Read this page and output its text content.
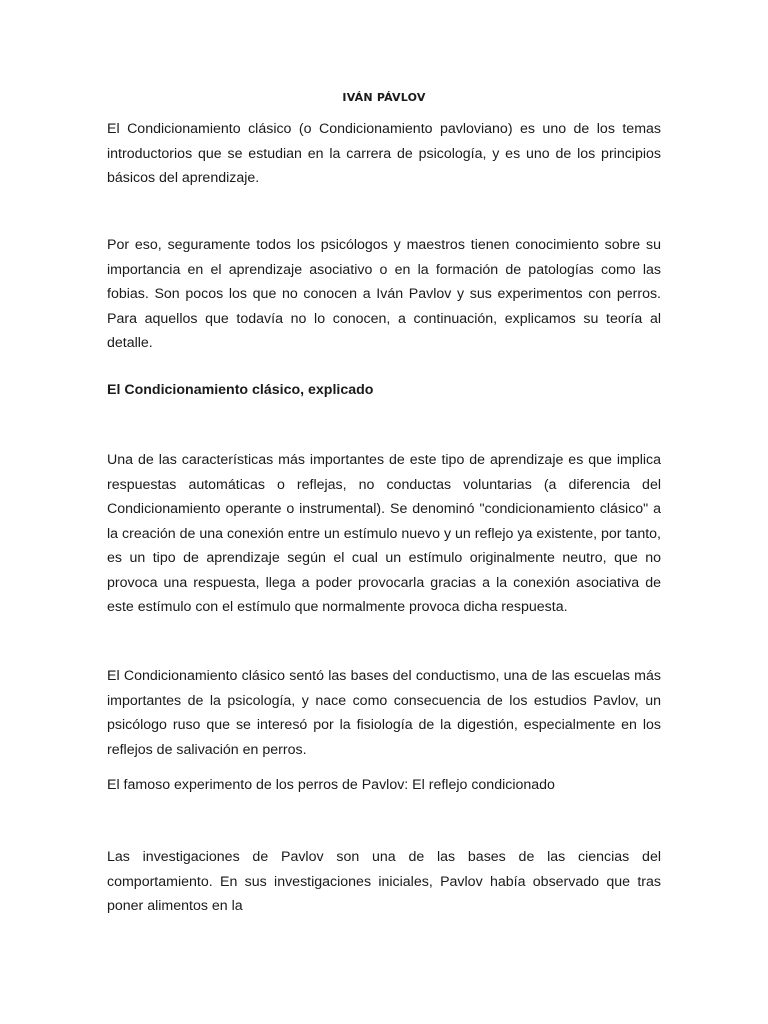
IVÁN PÁVLOV

El Condicionamiento clásico (o Condicionamiento pavloviano) es uno de los temas introductorios que se estudian en la carrera de psicología, y es uno de los principios básicos del aprendizaje.

Por eso, seguramente todos los psicólogos y maestros tienen conocimiento sobre su importancia en el aprendizaje asociativo o en la formación de patologías como las fobias. Son pocos los que no conocen a Iván Pavlov y sus experimentos con perros. Para aquellos que todavía no lo conocen, a continuación, explicamos su teoría al detalle.

El Condicionamiento clásico, explicado

Una de las características más importantes de este tipo de aprendizaje es que implica respuestas automáticas o reflejas, no conductas voluntarias (a diferencia del Condicionamiento operante o instrumental). Se denominó "condicionamiento clásico" a la creación de una conexión entre un estímulo nuevo y un reflejo ya existente, por tanto, es un tipo de aprendizaje según el cual un estímulo originalmente neutro, que no provoca una respuesta, llega a poder provocarla gracias a la conexión asociativa de este estímulo con el estímulo que normalmente provoca dicha respuesta.

El Condicionamiento clásico sentó las bases del conductismo, una de las escuelas más importantes de la psicología, y nace como consecuencia de los estudios Pavlov, un psicólogo ruso que se interesó por la fisiología de la digestión, especialmente en los reflejos de salivación en perros.

El famoso experimento de los perros de Pavlov: El reflejo condicionado

Las investigaciones de Pavlov son una de las bases de las ciencias del comportamiento. En sus investigaciones iniciales, Pavlov había observado que tras poner alimentos en la
